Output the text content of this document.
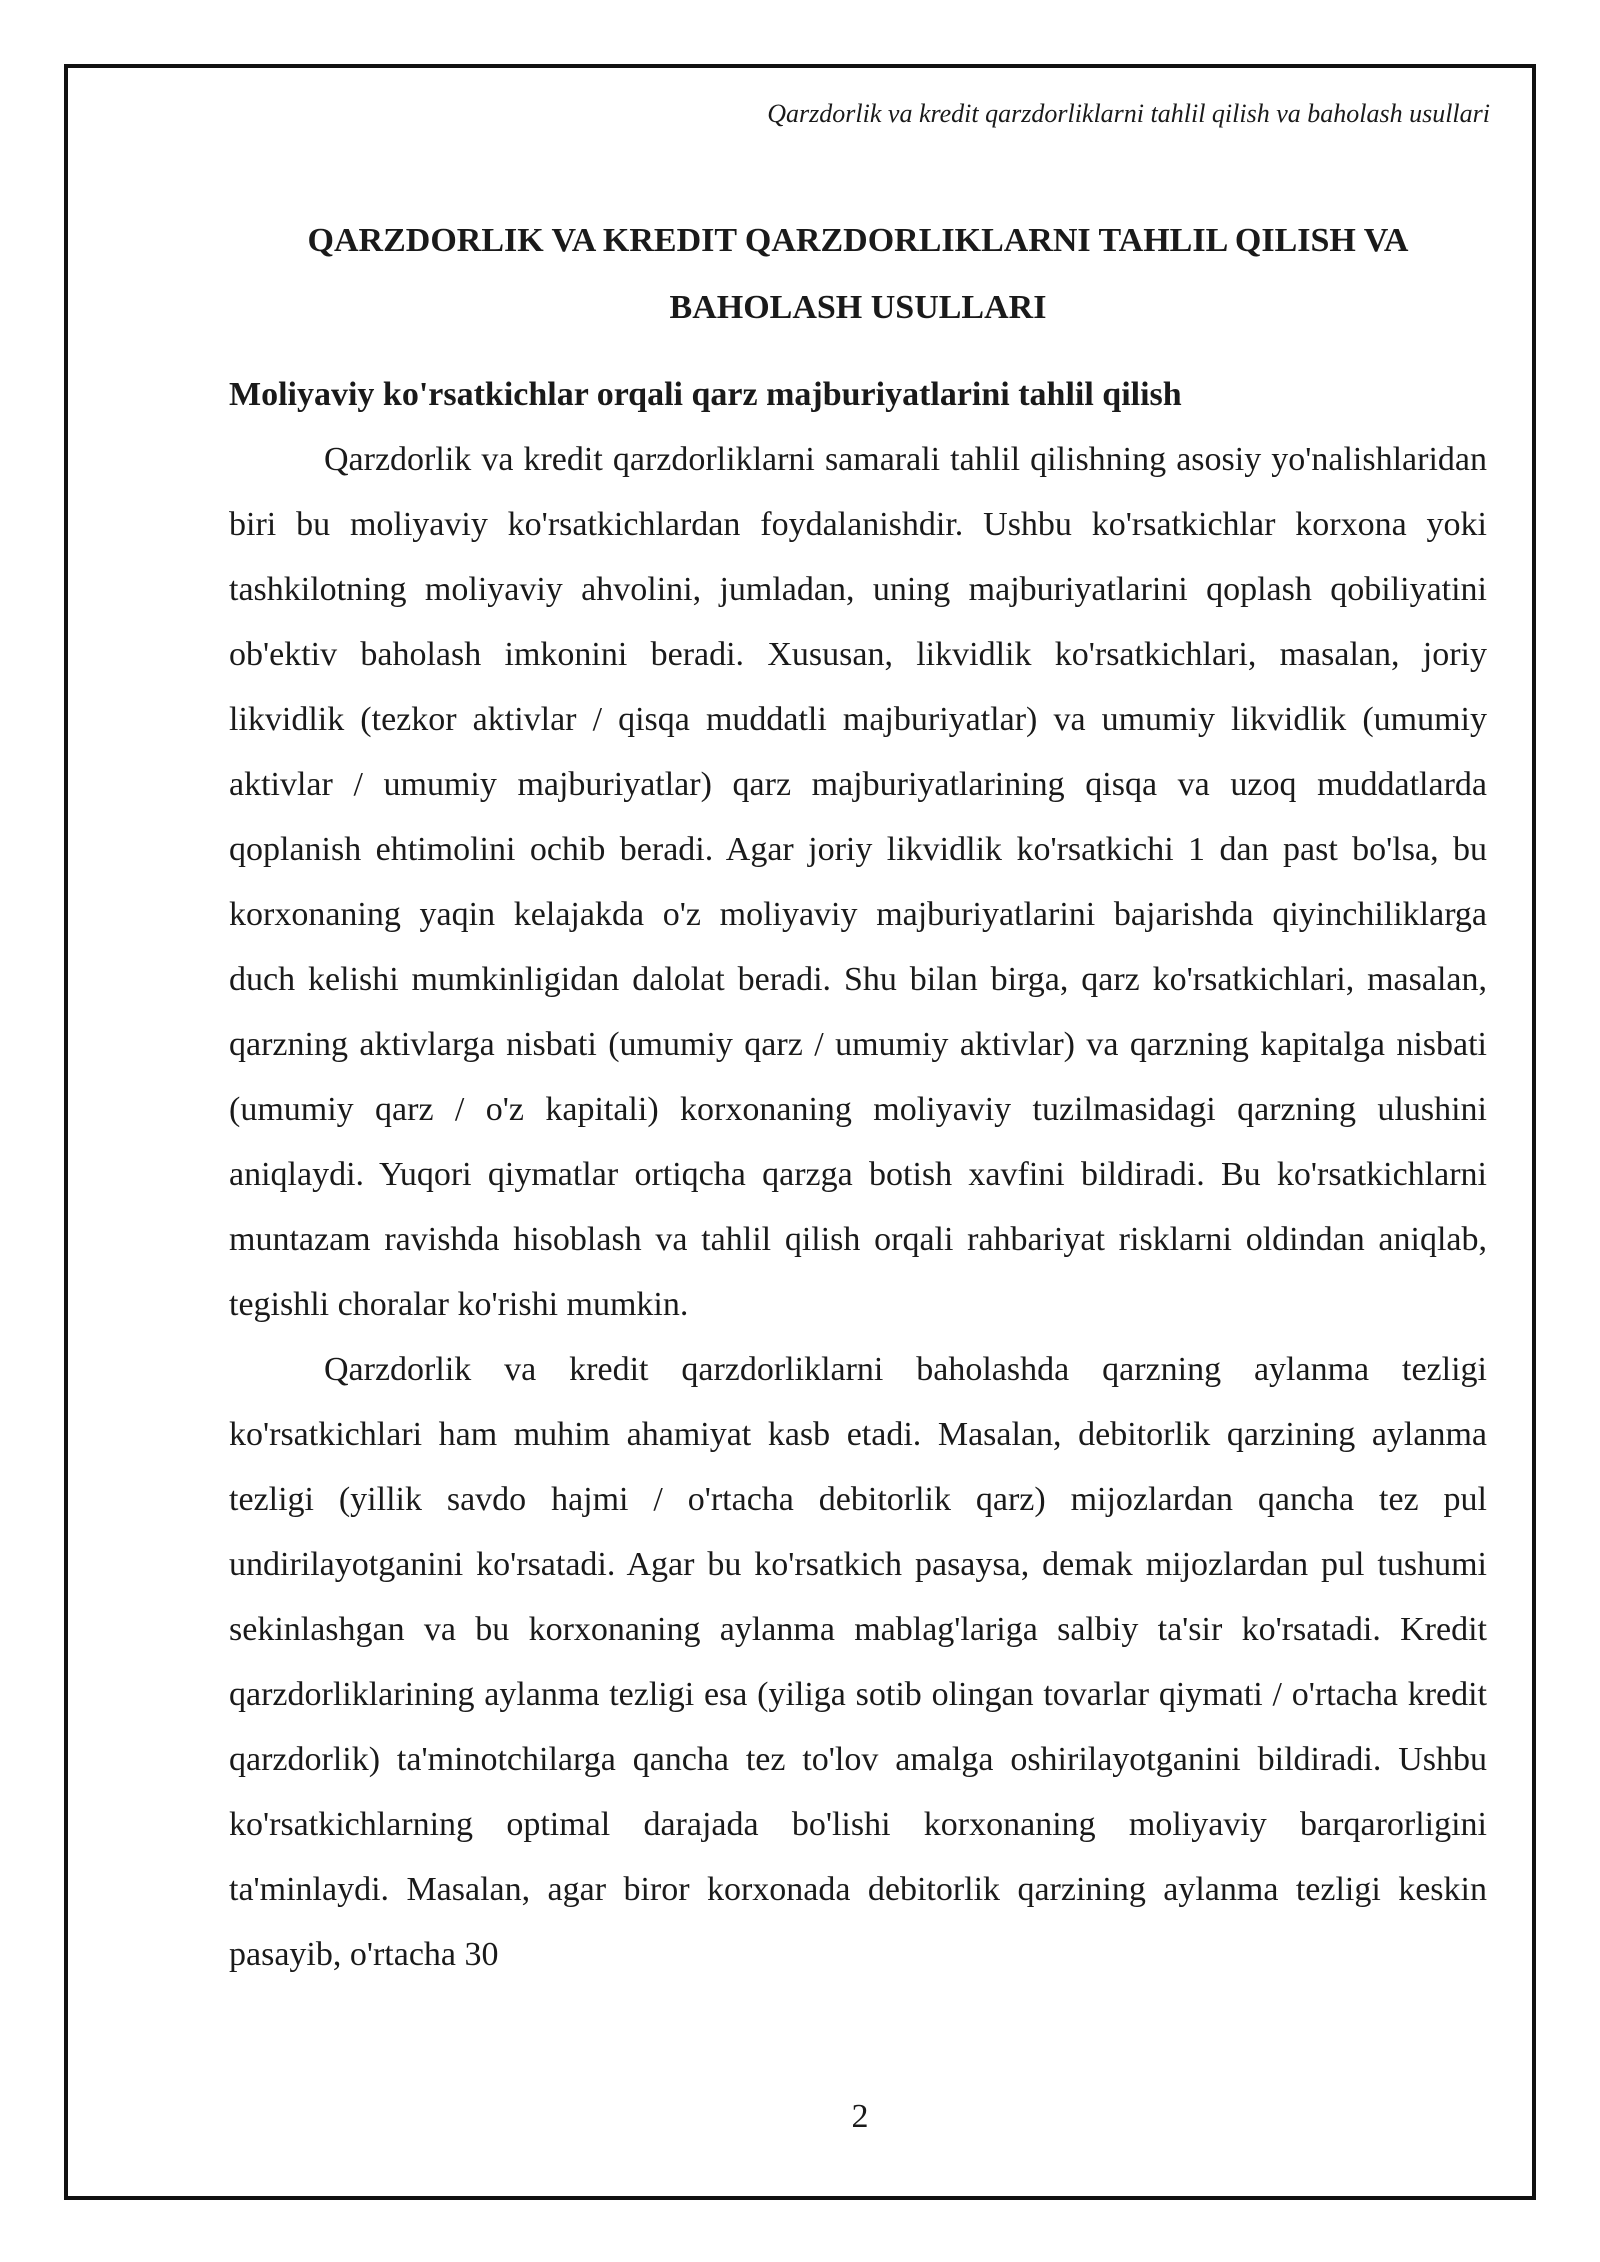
Qarzdorlik va kredit qarzdorliklarni tahlil qilish va baholash usullari
QARZDORLIK VA KREDIT QARZDORLIKLARNI TAHLIL QILISH VA BAHOLASH USULLARI
Moliyaviy ko'rsatkichlar orqali qarz majburiyatlarini tahlil qilish

Qarzdorlik va kredit qarzdorliklarni samarali tahlil qilishning asosiy yo'nalishlaridan biri bu moliyaviy ko'rsatkichlardan foydalanishdir. Ushbu ko'rsatkichlar korxona yoki tashkilotning moliyaviy ahvolini, jumladan, uning majburiyatlarini qoplash qobiliyatini ob'ektiv baholash imkonini beradi. Xususan, likvidlik ko'rsatkichlari, masalan, joriy likvidlik (tezkor aktivlar / qisqa muddatli majburiyatlar) va umumiy likvidlik (umumiy aktivlar / umumiy majburiyatlar) qarz majburiyatlarining qisqa va uzoq muddatlarda qoplanish ehtimolini ochib beradi. Agar joriy likvidlik ko'rsatkichi 1 dan past bo'lsa, bu korxonaning yaqin kelajakda o'z moliyaviy majburiyatlarini bajarishda qiyinchiliklarga duch kelishi mumkinligidan dalolat beradi. Shu bilan birga, qarz ko'rsatkichlari, masalan, qarzning aktivlarga nisbati (umumiy qarz / umumiy aktivlar) va qarzning kapitalga nisbati (umumiy qarz / o'z kapitali) korxonaning moliyaviy tuzilmasidagi qarzning ulushini aniqlaydi. Yuqori qiymatlar ortiqcha qarzga botish xavfini bildiradi. Bu ko'rsatkichlarni muntazam ravishda hisoblash va tahlil qilish orqali rahbariyat risklarni oldindan aniqlab, tegishli choralar ko'rishi mumkin.

Qarzdorlik va kredit qarzdorliklarni baholashda qarzning aylanma tezligi ko'rsatkichlari ham muhim ahamiyat kasb etadi. Masalan, debitorlik qarzining aylanma tezligi (yillik savdo hajmi / o'rtacha debitorlik qarz) mijozlardan qancha tez pul undirilayotganini ko'rsatadi. Agar bu ko'rsatkich pasaysa, demak mijozlardan pul tushumi sekinlashgan va bu korxonaning aylanma mablag'lariga salbiy ta'sir ko'rsatadi. Kredit qarzdorliklarining aylanma tezligi esa (yiliga sotib olingan tovarlar qiymati / o'rtacha kredit qarzdorlik) ta'minotchilarga qancha tez to'lov amalga oshirilayotganini bildiradi. Ushbu ko'rsatkichlarning optimal darajada bo'lishi korxonaning moliyaviy barqarorligini ta'minlaydi. Masalan, agar biror korxonada debitorlik qarzining aylanma tezligi keskin pasayib, o'rtacha 30

2
